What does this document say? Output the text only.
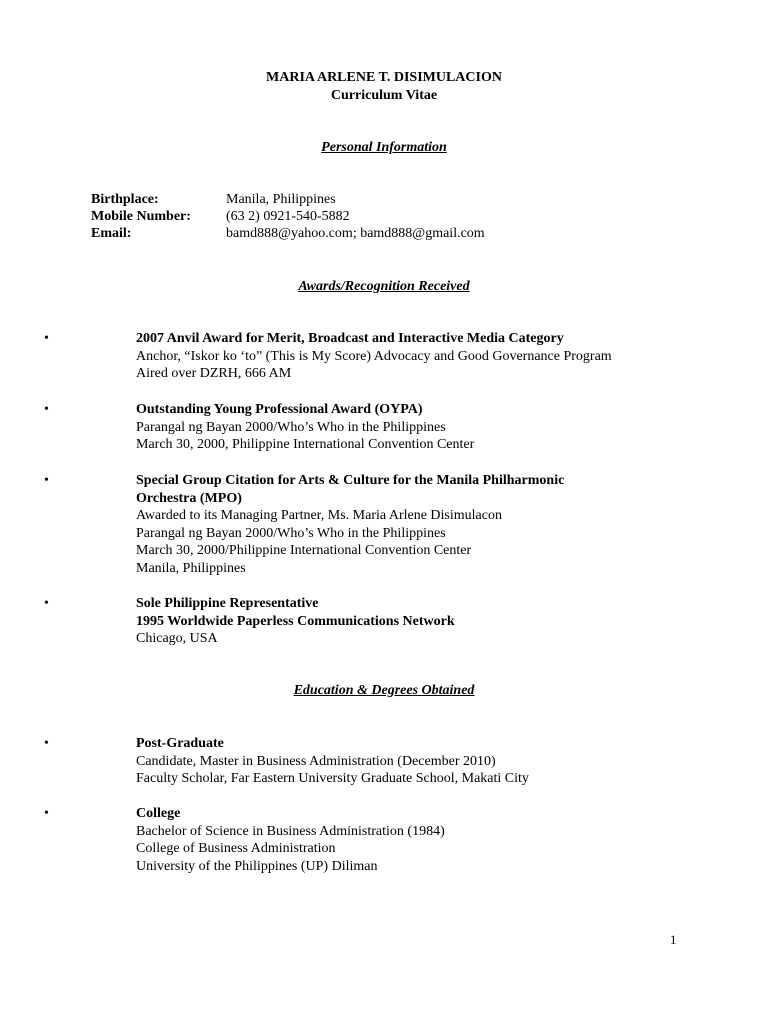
MARIA ARLENE T. DISIMULACION
Curriculum Vitae
Personal Information
Birthplace:	Manila, Philippines
Mobile Number:	(63 2) 0921-540-5882
Email:	bamd888@yahoo.com; bamd888@gmail.com
Awards/Recognition Received
•	2007 Anvil Award for Merit, Broadcast and Interactive Media Category
Anchor, “Iskor ko ‘to” (This is My Score) Advocacy and Good Governance Program
Aired over DZRH, 666 AM
•	Outstanding Young Professional Award (OYPA)
Parangal ng Bayan 2000/Who’s Who in the Philippines
March 30, 2000, Philippine International Convention Center
•	Special Group Citation for Arts & Culture for the Manila Philharmonic
Orchestra (MPO)
Awarded to its Managing Partner, Ms. Maria Arlene Disimulacon
Parangal ng Bayan 2000/Who’s Who in the Philippines
March 30, 2000/Philippine International Convention Center
Manila, Philippines
•	Sole Philippine Representative
1995 Worldwide Paperless Communications Network
Chicago, USA
Education & Degrees Obtained
•	Post-Graduate
Candidate, Master in Business Administration (December 2010)
Faculty Scholar, Far Eastern University Graduate School, Makati City
•	College
Bachelor of Science in Business Administration (1984)
College of Business Administration
University of the Philippines (UP) Diliman
1
